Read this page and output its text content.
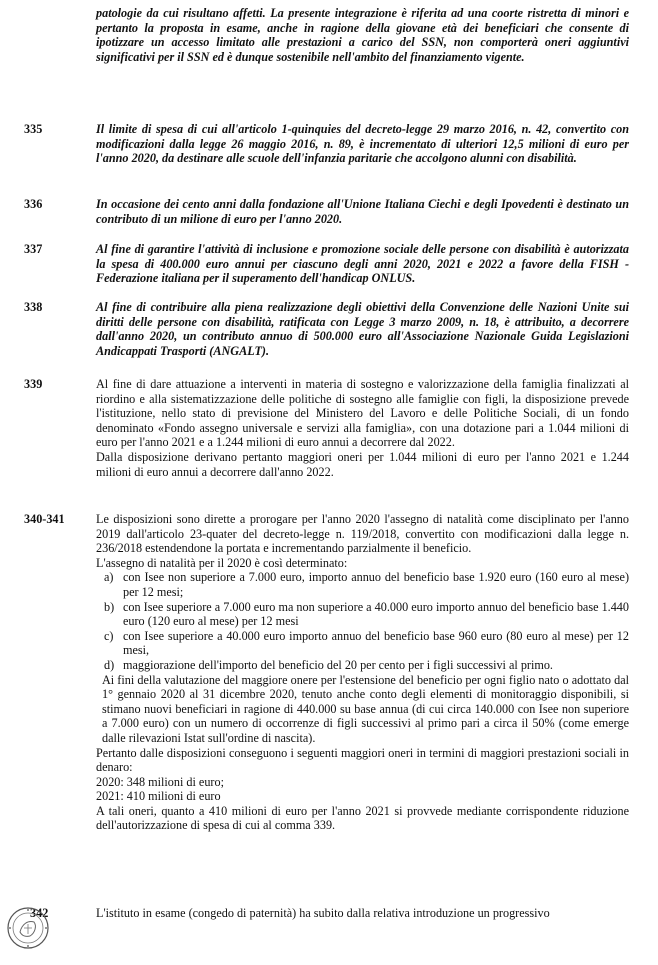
patologie da cui risultano affetti. La presente integrazione è riferita ad una coorte ristretta di minori e pertanto la proposta in esame, anche in ragione della giovane età dei beneficiari che consente di ipotizzare un accesso limitato alle prestazioni a carico del SSN, non comporterà oneri aggiuntivi significativi per il SSN ed è dunque sostenibile nell'ambito del finanziamento vigente.
335	Il limite di spesa di cui all'articolo 1-quinquies del decreto-legge 29 marzo 2016, n. 42, convertito con modificazioni dalla legge 26 maggio 2016, n. 89, è incrementato di ulteriori 12,5 milioni di euro per l'anno 2020, da destinare alle scuole dell'infanzia paritarie che accolgono alunni con disabilità.
336	In occasione dei cento anni dalla fondazione all'Unione Italiana Ciechi e degli Ipovedenti è destinato un contributo di un milione di euro per l'anno 2020.
337	Al fine di garantire l'attività di inclusione e promozione sociale delle persone con disabilità è autorizzata la spesa di 400.000 euro annui per ciascuno degli anni 2020, 2021 e 2022 a favore della FISH - Federazione italiana per il superamento dell'handicap ONLUS.
338	Al fine di contribuire alla piena realizzazione degli obiettivi della Convenzione delle Nazioni Unite sui diritti delle persone con disabilità, ratificata con Legge 3 marzo 2009, n. 18, è attribuito, a decorrere dall'anno 2020, un contributo annuo di 500.000 euro all'Associazione Nazionale Guida Legislazioni Andicappati Trasporti (ANGALT).
339	Al fine di dare attuazione a interventi in materia di sostegno e valorizzazione della famiglia finalizzati al riordino e alla sistematizzazione delle politiche di sostegno alle famiglie con figli, la disposizione prevede l'istituzione, nello stato di previsione del Ministero del Lavoro e delle Politiche Sociali, di un fondo denominato «Fondo assegno universale e servizi alla famiglia», con una dotazione pari a 1.044 milioni di euro per l'anno 2021 e a 1.244 milioni di euro annui a decorrere dal 2022.

Dalla disposizione derivano pertanto maggiori oneri per 1.044 milioni di euro per l'anno 2021 e 1.244 milioni di euro annui a decorrere dall'anno 2022.

340-341	Le disposizioni sono dirette a prorogare per l'anno 2020 l'assegno di natalità come disciplinato per l'anno 2019 dall'articolo 23-quater del decreto-legge n. 119/2018, convertito con modificazioni dalla legge n. 236/2018 estendendone la portata e incrementando parzialmente il beneficio.

L'assegno di natalità per il 2020 è così determinato:

a) con Isee non superiore a 7.000 euro, importo annuo del beneficio base 1.920 euro (160 euro al mese) per 12 mesi;
b) con Isee superiore a 7.000 euro ma non superiore a 40.000 euro importo annuo del beneficio base 1.440 euro (120 euro al mese) per 12 mesi
c) con Isee superiore a 40.000 euro importo annuo del beneficio base 960 euro (80 euro al mese) per 12 mesi,
d) maggiorazione dell'importo del beneficio del 20 per cento per i figli successivi al primo.

Ai fini della valutazione del maggiore onere per l'estensione del beneficio per ogni figlio nato o adottato dal 1° gennaio 2020 al 31 dicembre 2020, tenuto anche conto degli elementi di monitoraggio disponibili, si stimano nuovi beneficiari in ragione di 440.000 su base annua (di cui circa 140.000 con Isee non superiore a 7.000 euro) con un numero di occorrenze di figli successivi al primo pari a circa il 50% (come emerge dalle rilevazioni Istat sull'ordine di nascita).

Pertanto dalle disposizioni conseguono i seguenti maggiori oneri in termini di maggiori prestazioni sociali in denaro:

2020: 348 milioni di euro;

2021: 410 milioni di euro

A tali oneri, quanto a 410 milioni di euro per l'anno 2021 si provvede mediante corrispondente riduzione dell'autorizzazione di spesa di cui al comma 339.

342	L'istituto in esame (congedo di paternità) ha subito dalla relativa introduzione un progressivo
